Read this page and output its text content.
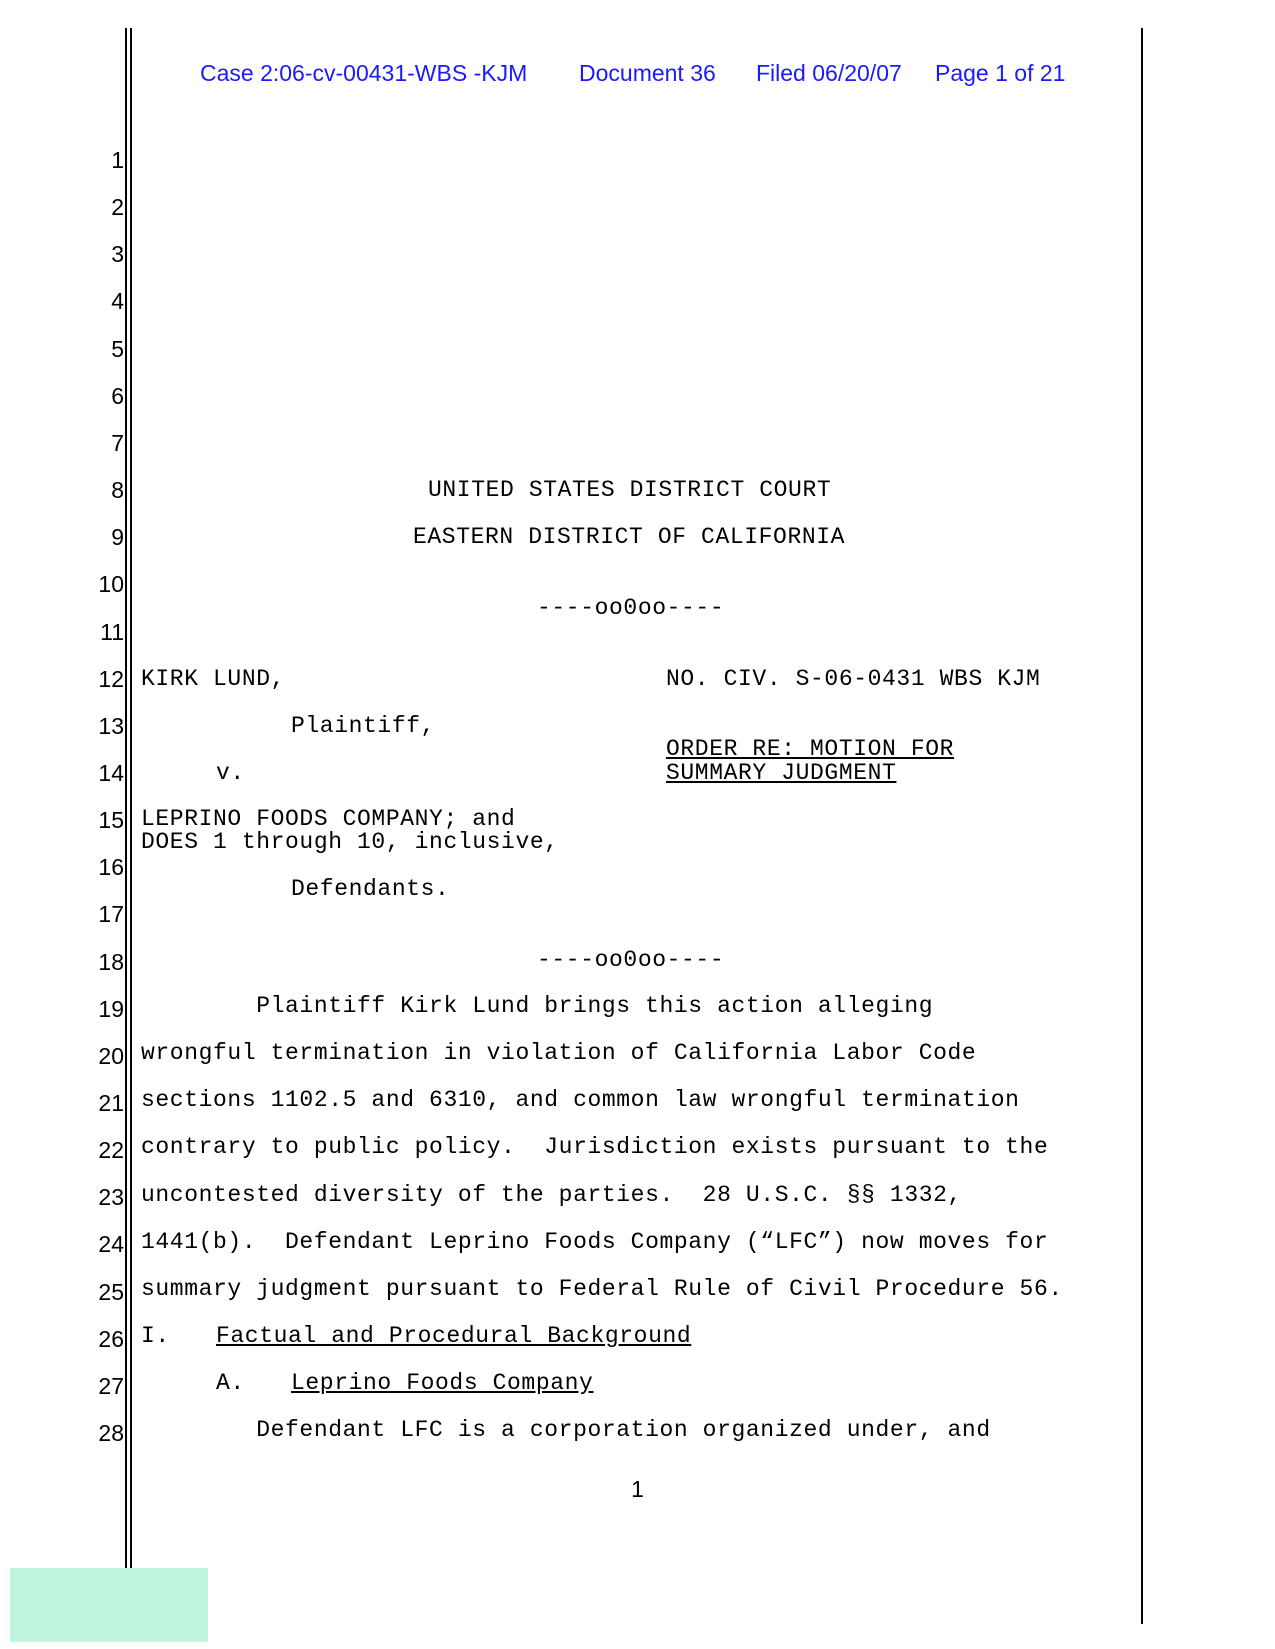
Case 2:06-cv-00431-WBS -KJM

Document 36

Filed 06/20/07

Page 1 of 21

1
2
3
4
5
6
7
8
9
10
11
12
13
14
15
16
17
18
19
20
21
22
23
24
25
26
27
28
UNITED STATES DISTRICT COURT
EASTERN DISTRICT OF CALIFORNIA
----oo0oo----
KIRK LUND,	NO. CIV. S-06-0431 WBS KJM
Plaintiff,
ORDER RE: MOTION FOR
SUMMARY JUDGMENT
v.
LEPRINO FOODS COMPANY; and
DOES 1 through 10, inclusive,
Defendants.
----oo0oo----
Plaintiff Kirk Lund brings this action alleging
wrongful termination in violation of California Labor Code
sections 1102.5 and 6310, and common law wrongful termination
contrary to public policy.  Jurisdiction exists pursuant to the
uncontested diversity of the parties.  28 U.S.C. §§ 1332,
1441(b).  Defendant Leprino Foods Company (“LFC”) now moves for
summary judgment pursuant to Federal Rule of Civil Procedure 56.
I. Factual and Procedural Background
A. Leprino Foods Company
Defendant LFC is a corporation organized under, and
1
